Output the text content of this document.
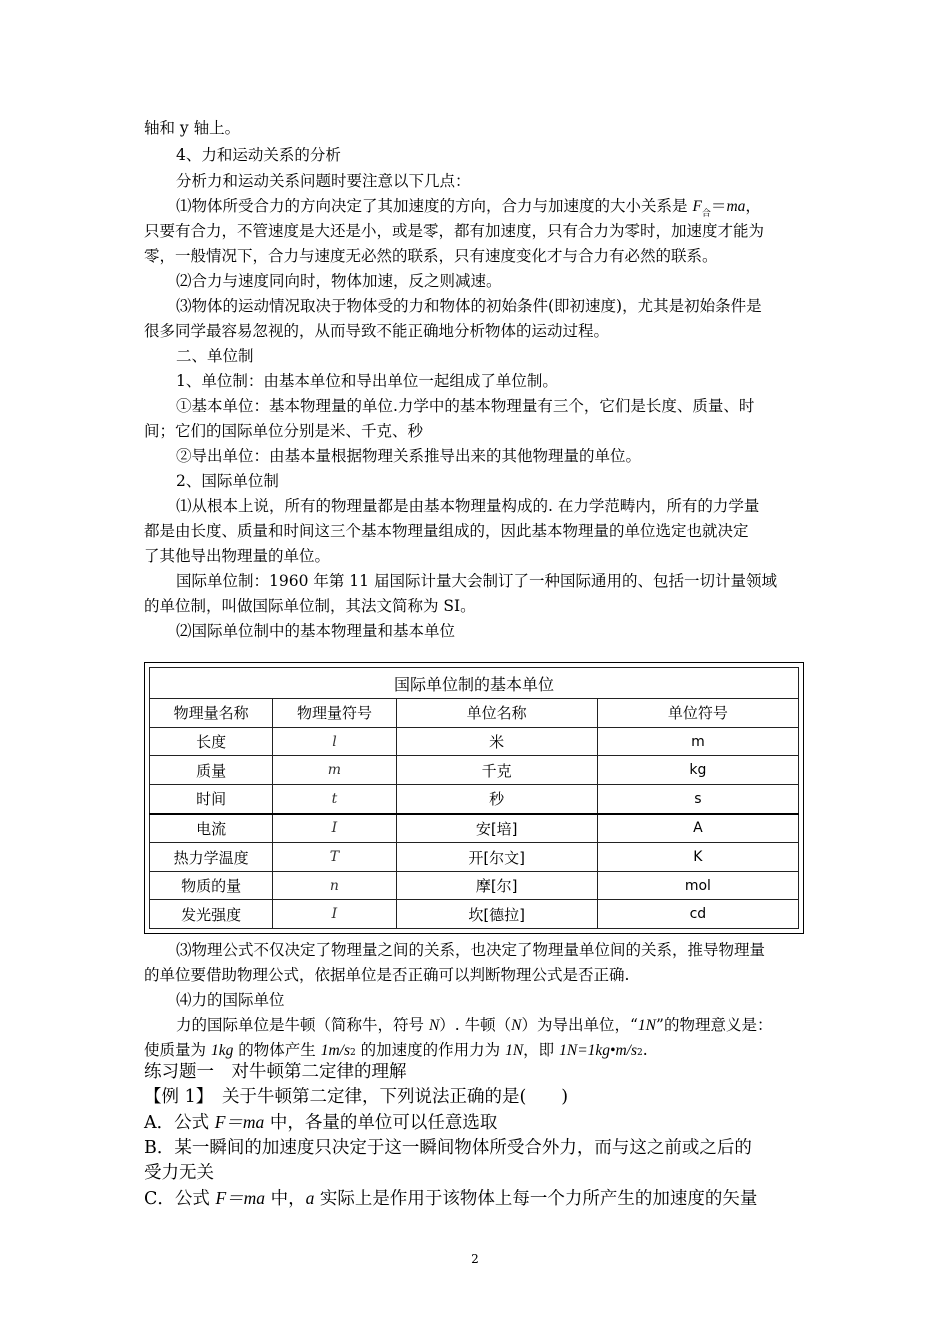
轴和 y 轴上。
4、力和运动关系的分析
分析力和运动关系问题时要注意以下几点：
⑴物体所受合力的方向决定了其加速度的方向，合力与加速度的大小关系是 $F_合=ma$，
只要有合力，不管速度是大还是小，或是零，都有加速度，只有合力为零时，加速度才能为
零，一般情况下，合力与速度无必然的联系，只有速度变化才与合力有必然的联系。
⑵合力与速度同向时，物体加速，反之则减速。
⑶物体的运动情况取决于物体受的力和物体的初始条件(即初速度)，尤其是初始条件是
很多同学最容易忽视的，从而导致不能正确地分析物体的运动过程。
二、单位制
1、单位制：由基本单位和导出单位一起组成了单位制。
①基本单位：基本物理量的单位.力学中的基本物理量有三个，它们是长度、质量、时
间；它们的国际单位分别是米、千克、秒
②导出单位：由基本量根据物理关系推导出来的其他物理量的单位。
2、国际单位制
⑴从根本上说，所有的物理量都是由基本物理量构成的. 在力学范畴内，所有的力学量
都是由长度、质量和时间这三个基本物理量组成的，因此基本物理量的单位选定也就决定
了其他导出物理量的单位。
国际单位制：1960 年第 11 届国际计量大会制订了一种国际通用的、包括一切计量领域
的单位制，叫做国际单位制，其法文简称为 SI。
⑵国际单位制中的基本物理量和基本单位
国际单位制的基本单位			
物理量名称	物理量符号	单位名称	单位符号
长度	l	米	m
质量	m	千克	kg
时间	t	秒	s
电流	I	安[培]	A
热力学温度	T	开[尔文]	K
物质的量	n	摩[尔]	mol
发光强度	I	坎[德拉]	cd
⑶物理公式不仅决定了物理量之间的关系，也决定了物理量单位间的关系，推导物理量
的单位要借助物理公式，依据单位是否正确可以判断物理公式是否正确.
⑷力的国际单位
力的国际单位是牛顿（简称牛，符号 N）. 牛顿（N）为导出单位，“1N”的物理意义是：
使质量为 1kg 的物体产生 1m/s2 的加速度的作用力为 1N，即 1N=1kg•m/s2.
练习题一　对牛顿第二定律的理解
【例 1】　关于牛顿第二定律，下列说法正确的是(　　)
A．公式 F＝ma 中，各量的单位可以任意选取
B．某一瞬间的加速度只决定于这一瞬间物体所受合外力，而与这之前或之后的
受力无关
C．公式 F＝ma 中，a 实际上是作用于该物体上每一个力所产生的加速度的矢量
2
